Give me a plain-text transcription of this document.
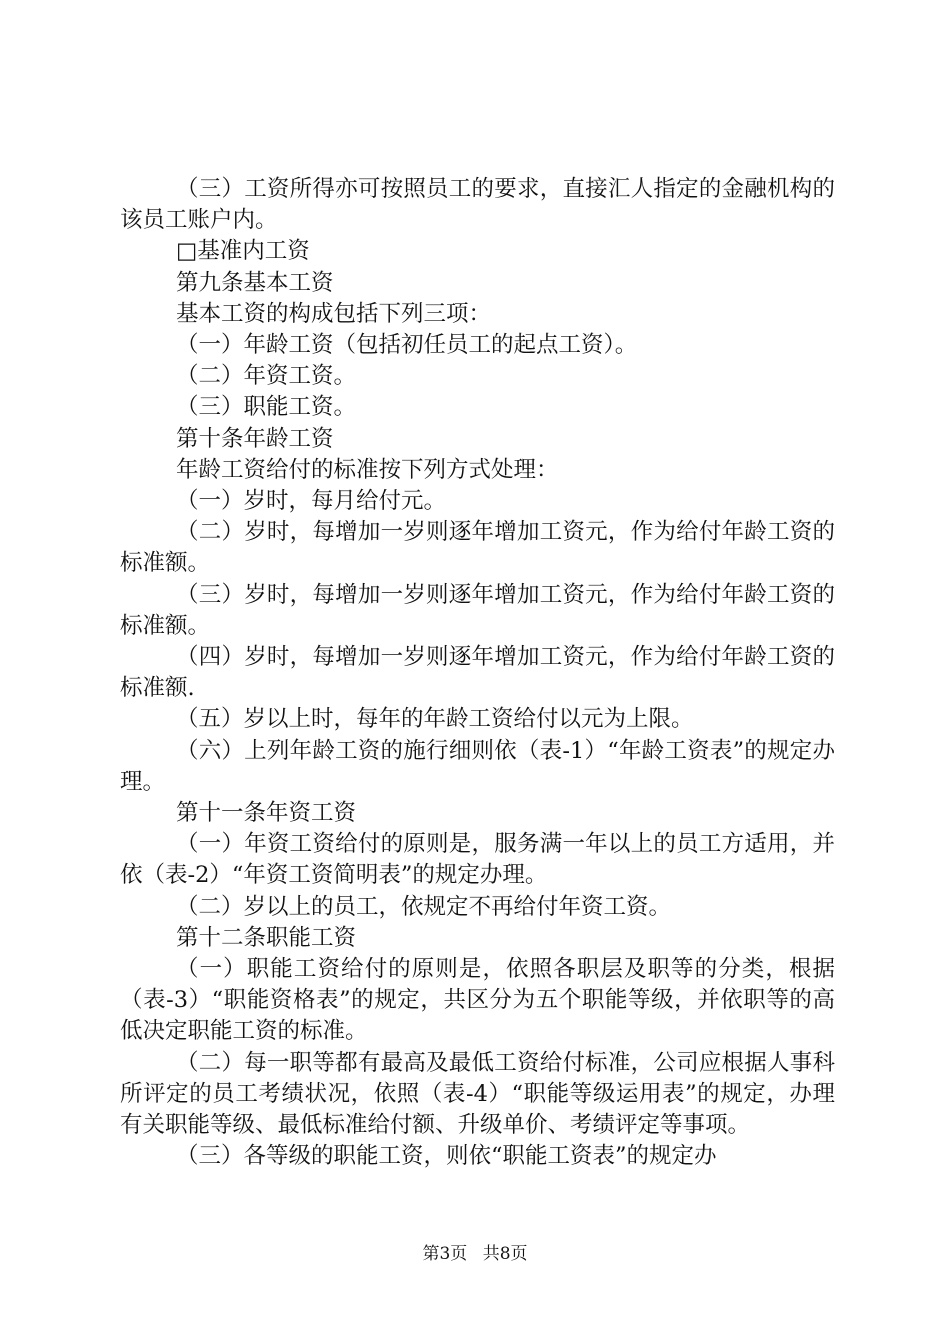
（三）工资所得亦可按照员工的要求，直接汇人指定的金融机构的该员工账户内。

□基准内工资

第九条基本工资

基本工资的构成包括下列三项：

（一）年龄工资（包括初任员工的起点工资）。

（二）年资工资。

（三）职能工资。

第十条年龄工资

年龄工资给付的标准按下列方式处理：

（一）岁时，每月给付元。

（二）岁时，每增加一岁则逐年增加工资元，作为给付年龄工资的标准额。

（三）岁时，每增加一岁则逐年增加工资元，作为给付年龄工资的标准额。

（四）岁时，每增加一岁则逐年增加工资元，作为给付年龄工资的标准额.

（五）岁以上时，每年的年龄工资给付以元为上限。

（六）上列年龄工资的施行细则依（表-1）“年龄工资表”的规定办理。

第十一条年资工资

（一）年资工资给付的原则是，服务满一年以上的员工方适用，并依（表-2）“年资工资简明表”的规定办理。

（二）岁以上的员工，依规定不再给付年资工资。

第十二条职能工资

（一）职能工资给付的原则是，依照各职层及职等的分类，根据（表-3）“职能资格表”的规定，共区分为五个职能等级，并依职等的高低决定职能工资的标准。

（二）每一职等都有最高及最低工资给付标准，公司应根据人事科所评定的员工考绩状况，依照（表-4）“职能等级运用表”的规定，办理有关职能等级、最低标准给付额、升级单价、考绩评定等事项。

（三）各等级的职能工资，则依“职能工资表”的规定办

第3页 共8页
